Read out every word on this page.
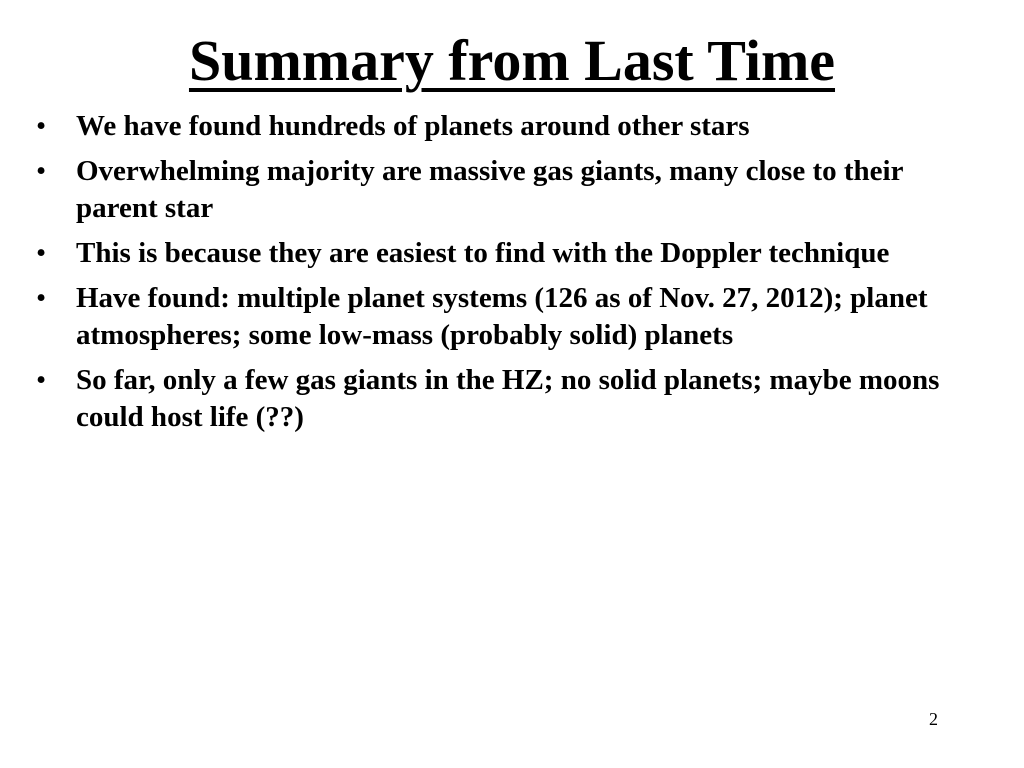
Summary from Last Time
• We have found hundreds of planets around other stars
• Overwhelming majority are massive gas giants, many close to their parent star
• This is because they are easiest to find with the Doppler technique
• Have found: multiple planet systems (126 as of Nov. 27, 2012); planet atmospheres; some low-mass (probably solid) planets
• So far, only a few gas giants in the HZ; no solid planets; maybe moons could host life (??)
2
